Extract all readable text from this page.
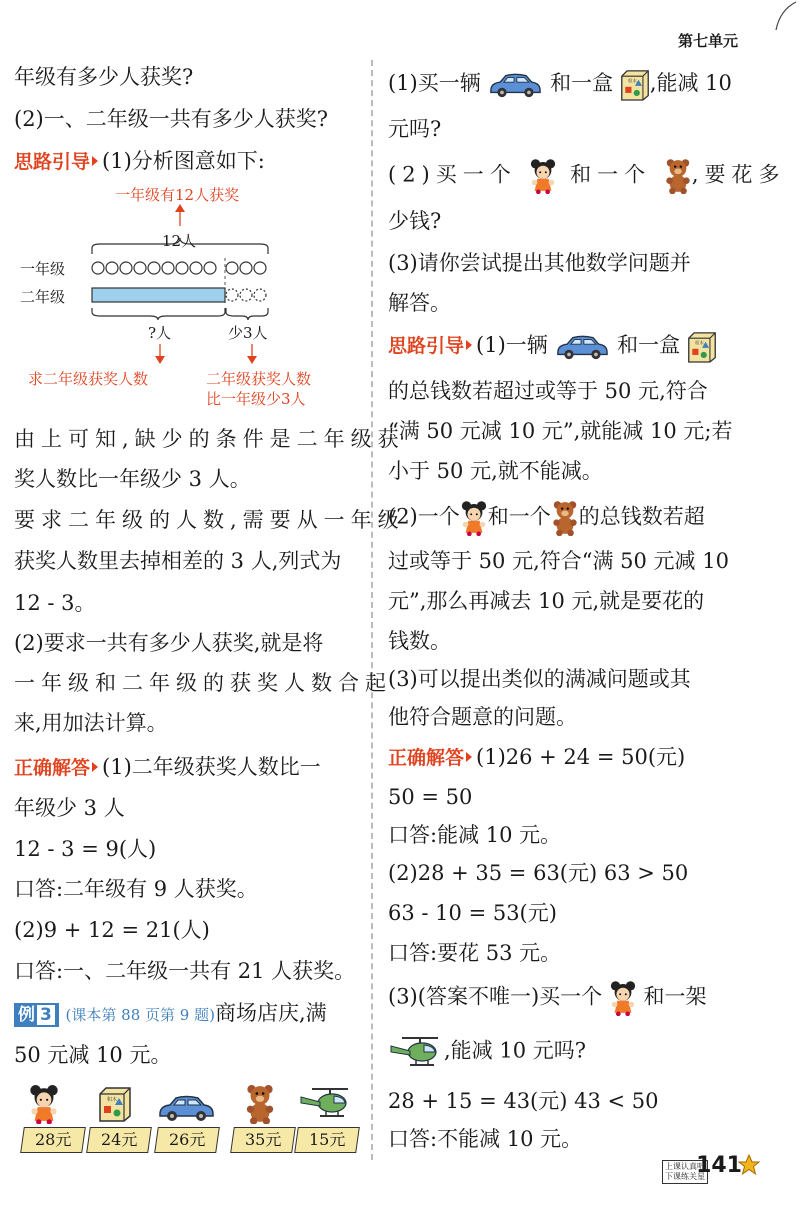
第七单元
年级有多少人获奖?
(2)一、二年级一共有多少人获奖?
思路引导 (1)分析图意如下:
一年级有12人获奖
12人
一年级
二年级
?人	少3人
求二年级获奖人数	二年级获奖人数
比一年级少3人
由上可知,缺少的条件是二年级获
奖人数比一年级少 3 人。
要求二年级的人数,需要从一年级
获奖人数里去掉相差的 3 人,列式为
12 - 3。
(2)要求一共有多少人获奖,就是将
一年级和二年级的获奖人数合起
来,用加法计算。
正确解答 (1)二年级获奖人数比一
年级少 3 人
12 - 3 = 9(人)
口答:二年级有 9 人获奖。
(2)9 + 12 = 21(人)
口答:一、二年级一共有 21 人获奖。
例 3 (课本第 88 页第 9 题)商场店庆,满
50 元减 10 元。
28元	24元	26元	35元	15元
(1)买一辆	和一盒 ,能减 10
元吗?
(2)买一个	和一个 ,要花多
少钱?
(3)请你尝试提出其他数学问题并
解答。
思路引导 (1)一辆	和一盒
的总钱数若超过或等于 50 元,符合
“满 50 元减 10 元”,就能减 10 元;若
小于 50 元,就不能减。
(2)一个 和一个 的总钱数若超
过或等于 50 元,符合“满 50 元减 10
元”,那么再减去 10 元,就是要花的
钱数。
(3)可以提出类似的满减问题或其
他符合题意的问题。
正确解答 (1)26 + 24 = 50(元)
50 = 50
口答:能减 10 元。
(2)28 + 35 = 63(元) 63 > 50
63 - 10 = 53(元)
口答:要花 53 元。
(3)(答案不唯一)买一个 和一架
,能减 10 元吗?
28 + 15 = 43(元) 43 < 50
口答:不能减 10 元。
上课认真听
下课练关星
141
